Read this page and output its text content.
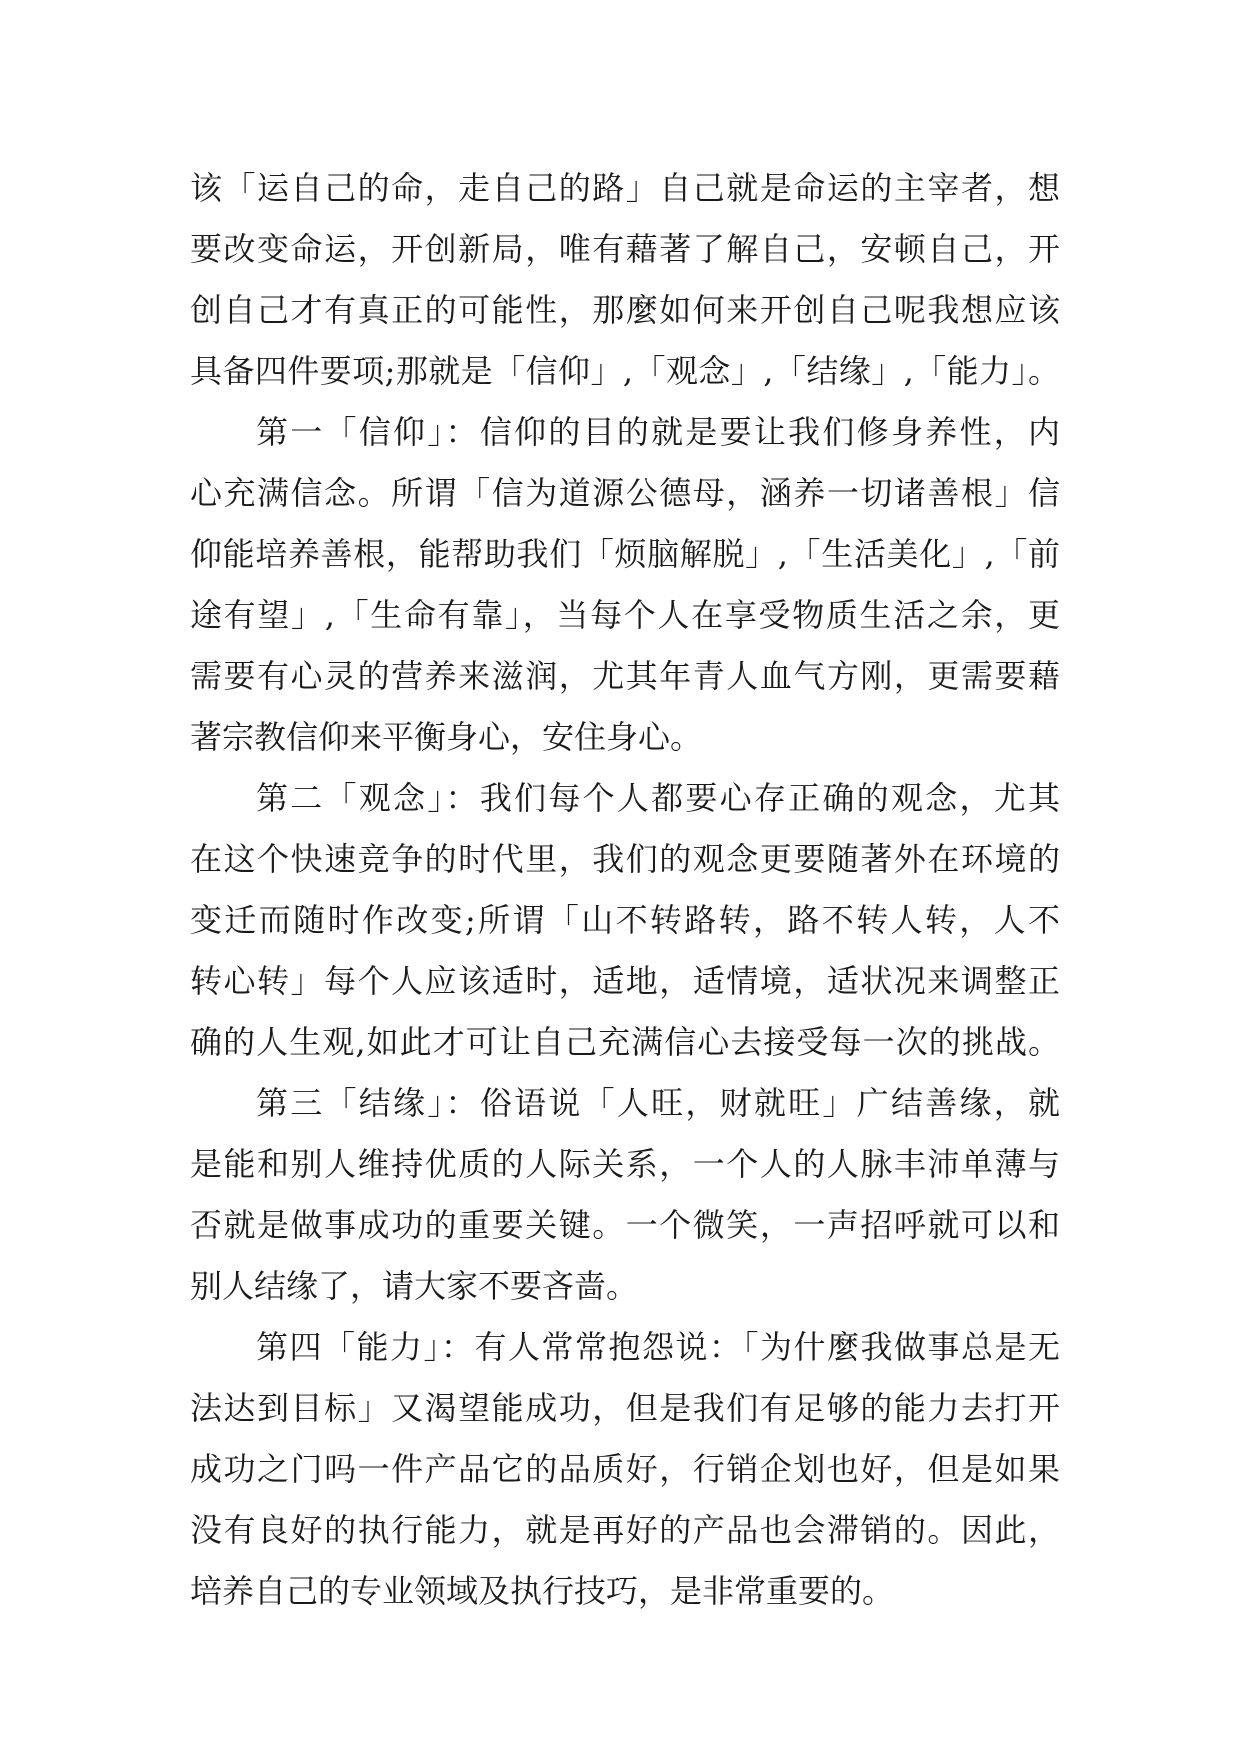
该「运自己的命，走自己的路」自己就是命运的主宰者，想
要改变命运，开创新局，唯有藉著了解自己，安顿自己，开
创自己才有真正的可能性，那麼如何来开创自己呢我想应该
具备四件要项;那就是「信仰」,「观念」,「结缘」,「能力」。
第一「信仰」：信仰的目的就是要让我们修身养性，内
心充满信念。所谓「信为道源公德母，涵养一切诸善根」信
仰能培养善根，能帮助我们「烦脑解脱」,「生活美化」,「前
途有望」,「生命有靠」，当每个人在享受物质生活之余，更
需要有心灵的营养来滋润，尤其年青人血气方刚，更需要藉
著宗教信仰来平衡身心，安住身心。
第二「观念」：我们每个人都要心存正确的观念，尤其
在这个快速竞争的时代里，我们的观念更要随著外在环境的
变迁而随时作改变;所谓「山不转路转，路不转人转，人不
转心转」每个人应该适时，适地，适情境，适状况来调整正
确的人生观,如此才可让自己充满信心去接受每一次的挑战。
第三「结缘」：俗语说「人旺，财就旺」广结善缘，就
是能和别人维持优质的人际关系，一个人的人脉丰沛单薄与
否就是做事成功的重要关键。一个微笑，一声招呼就可以和
别人结缘了，请大家不要吝啬。
第四「能力」：有人常常抱怨说：「为什麼我做事总是无
法达到目标」又渴望能成功，但是我们有足够的能力去打开
成功之门吗一件产品它的品质好，行销企划也好，但是如果
没有良好的执行能力，就是再好的产品也会滞销的。因此，
培养自己的专业领域及执行技巧，是非常重要的。
